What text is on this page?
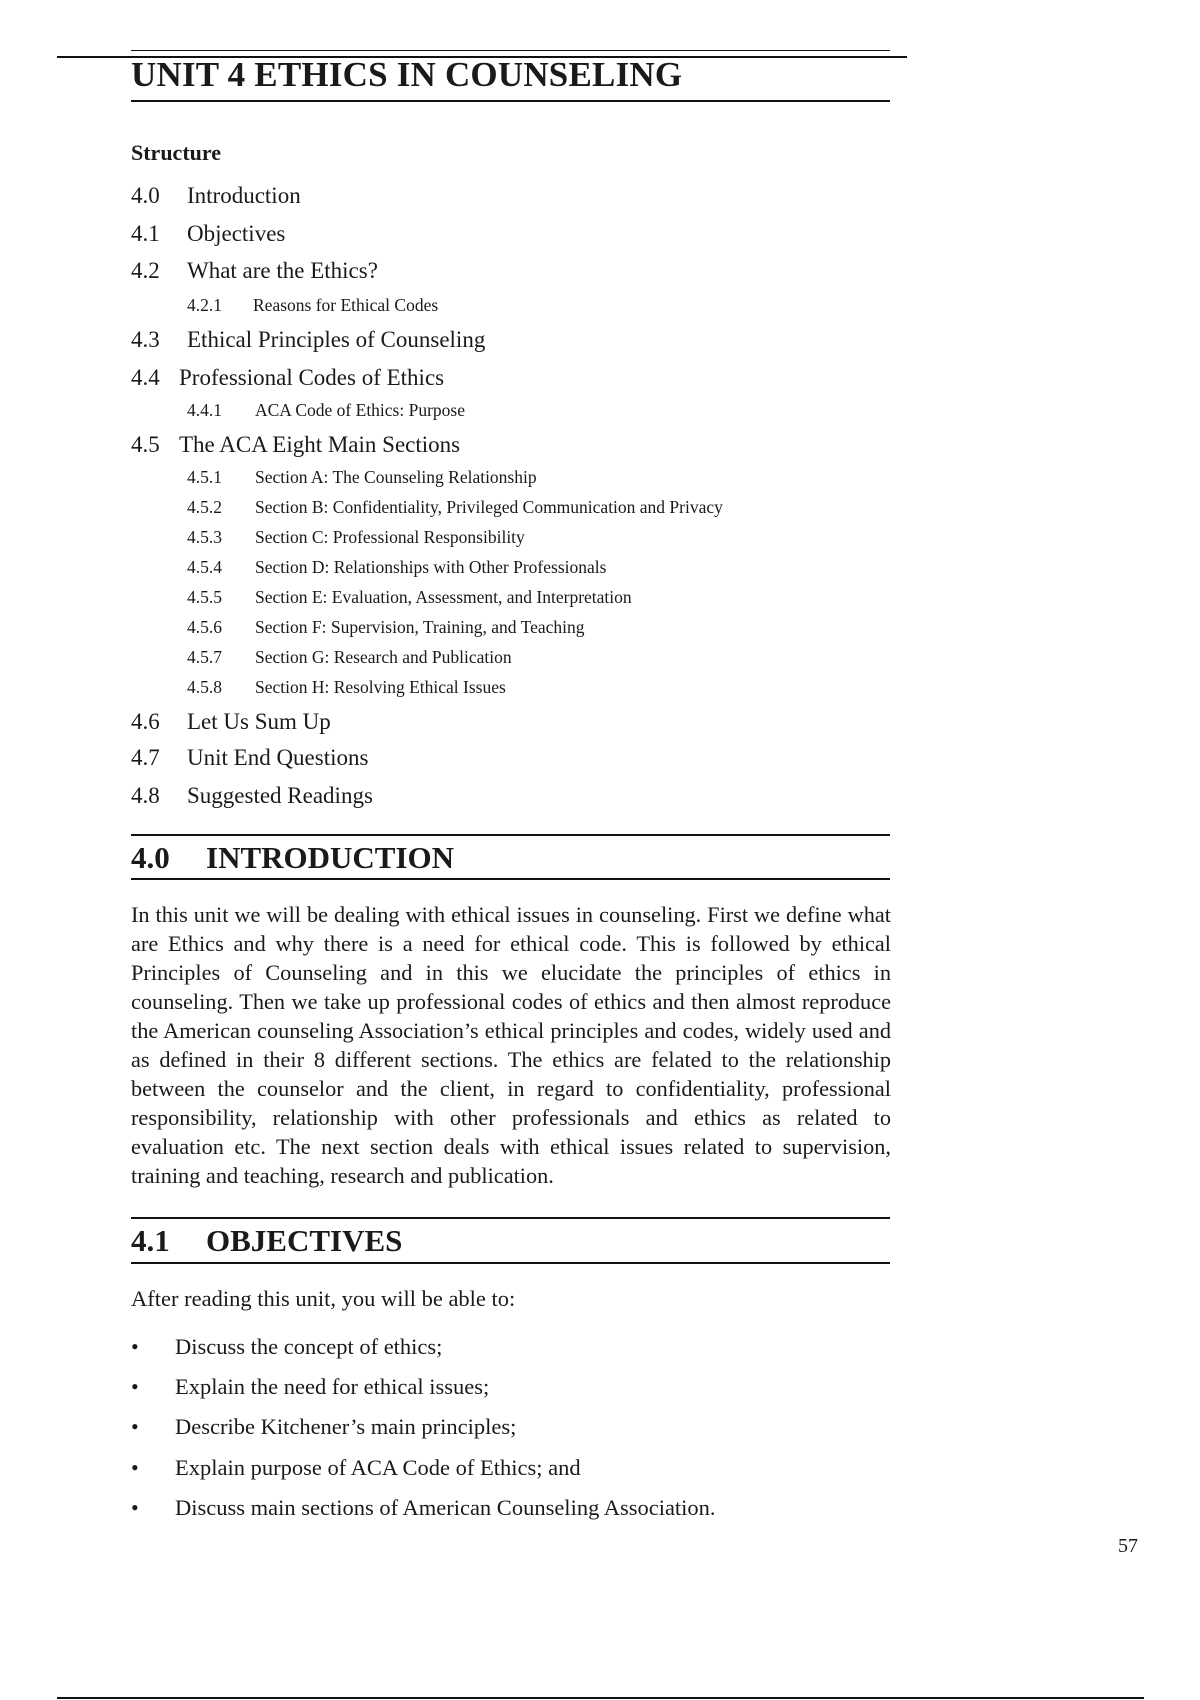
UNIT 4 ETHICS IN COUNSELING
Structure
4.0 Introduction
4.1 Objectives
4.2 What are the Ethics?
4.2.1 Reasons for Ethical Codes
4.3 Ethical Principles of Counseling
4.4 Professional Codes of Ethics
4.4.1 ACA Code of Ethics: Purpose
4.5 The ACA Eight Main Sections
4.5.1 Section A: The Counseling Relationship
4.5.2 Section B: Confidentiality, Privileged Communication and Privacy
4.5.3 Section C: Professional Responsibility
4.5.4 Section D: Relationships with Other Professionals
4.5.5 Section E: Evaluation, Assessment, and Interpretation
4.5.6 Section F: Supervision, Training, and Teaching
4.5.7 Section G: Research and Publication
4.5.8 Section H: Resolving Ethical Issues
4.6 Let Us Sum Up
4.7 Unit End Questions
4.8 Suggested Readings
4.0 INTRODUCTION

In this unit we will be dealing with ethical issues in counseling. First we define what are Ethics and why there is a need for ethical code. This is followed by ethical Principles of Counseling and in this we elucidate the principles of ethics in counseling. Then we take up professional codes of ethics and then almost reproduce the American counseling Association’s ethical principles and codes, widely used and as defined in their 8 different sections. The ethics are felated to the relationship between the counselor and the client, in regard to confidentiality, professional responsibility, relationship with other professionals and ethics as related to evaluation etc. The next section deals with ethical issues related to supervision, training and teaching, research and publication.

4.1 OBJECTIVES

After reading this unit, you will be able to:

• Discuss the concept of ethics;
• Explain the need for ethical issues;
• Describe Kitchener’s main principles;
• Explain purpose of ACA Code of Ethics; and
• Discuss main sections of American Counseling Association.
57
